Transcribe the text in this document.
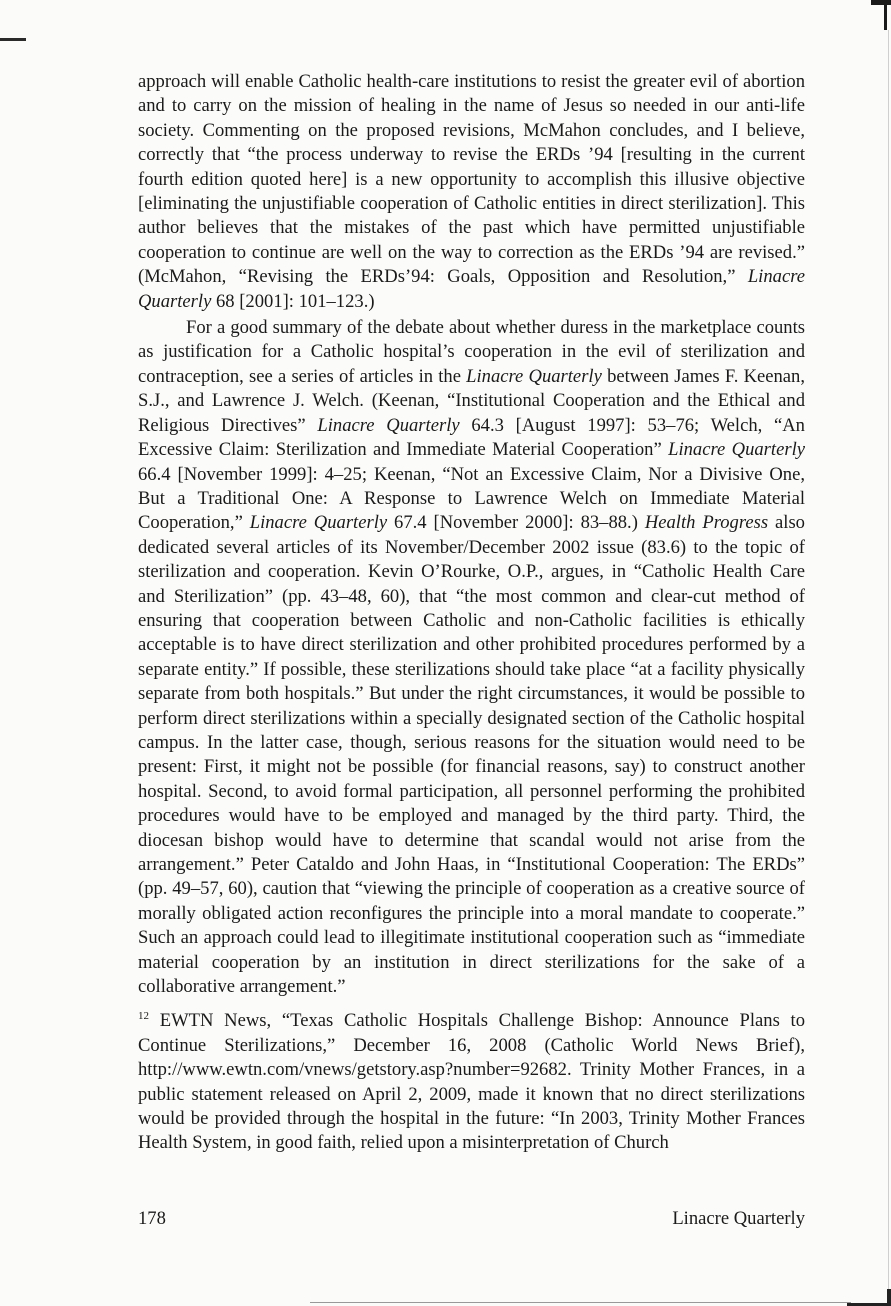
approach will enable Catholic health-care institutions to resist the greater evil of abortion and to carry on the mission of healing in the name of Jesus so needed in our anti-life society. Commenting on the proposed revisions, McMahon concludes, and I believe, correctly that “the process underway to revise the ERDs ’94 [resulting in the current fourth edition quoted here] is a new opportunity to accomplish this illusive objective [eliminating the unjustifiable cooperation of Catholic entities in direct sterilization]. This author believes that the mistakes of the past which have permitted unjustifiable cooperation to continue are well on the way to correction as the ERDs ’94 are revised.” (McMahon, “Revising the ERDs’94: Goals, Opposition and Resolution,” Linacre Quarterly 68 [2001]: 101–123.)

For a good summary of the debate about whether duress in the marketplace counts as justification for a Catholic hospital’s cooperation in the evil of sterilization and contraception, see a series of articles in the Linacre Quarterly between James F. Keenan, S.J., and Lawrence J. Welch. (Keenan, “Institutional Cooperation and the Ethical and Religious Directives” Linacre Quarterly 64.3 [August 1997]: 53–76; Welch, “An Excessive Claim: Sterilization and Immediate Material Cooperation” Linacre Quarterly 66.4 [November 1999]: 4–25; Keenan, “Not an Excessive Claim, Nor a Divisive One, But a Traditional One: A Response to Lawrence Welch on Immediate Material Cooperation,” Linacre Quarterly 67.4 [November 2000]: 83–88.) Health Progress also dedicated several articles of its November/December 2002 issue (83.6) to the topic of sterilization and cooperation. Kevin O’Rourke, O.P., argues, in “Catholic Health Care and Sterilization” (pp. 43–48, 60), that “the most common and clear-cut method of ensuring that cooperation between Catholic and non-Catholic facilities is ethically acceptable is to have direct sterilization and other prohibited procedures performed by a separate entity.” If possible, these sterilizations should take place “at a facility physically separate from both hospitals.” But under the right circumstances, it would be possible to perform direct sterilizations within a specially designated section of the Catholic hospital campus. In the latter case, though, serious reasons for the situation would need to be present: First, it might not be possible (for financial reasons, say) to construct another hospital. Second, to avoid formal participation, all personnel performing the prohibited procedures would have to be employed and managed by the third party. Third, the diocesan bishop would have to determine that scandal would not arise from the arrangement.” Peter Cataldo and John Haas, in “Institutional Cooperation: The ERDs” (pp. 49–57, 60), caution that “viewing the principle of cooperation as a creative source of morally obligated action reconfigures the principle into a moral mandate to cooperate.” Such an approach could lead to illegitimate institutional cooperation such as “immediate material cooperation by an institution in direct sterilizations for the sake of a collaborative arrangement.”

$^{12}$ EWTN News, “Texas Catholic Hospitals Challenge Bishop: Announce Plans to Continue Sterilizations,” December 16, 2008 (Catholic World News Brief), http://www.ewtn.com/vnews/getstory.asp?number=92682. Trinity Mother Frances, in a public statement released on April 2, 2009, made it known that no direct sterilizations would be provided through the hospital in the future: “In 2003, Trinity Mother Frances Health System, in good faith, relied upon a misinterpretation of Church

178	Linacre Quarterly
